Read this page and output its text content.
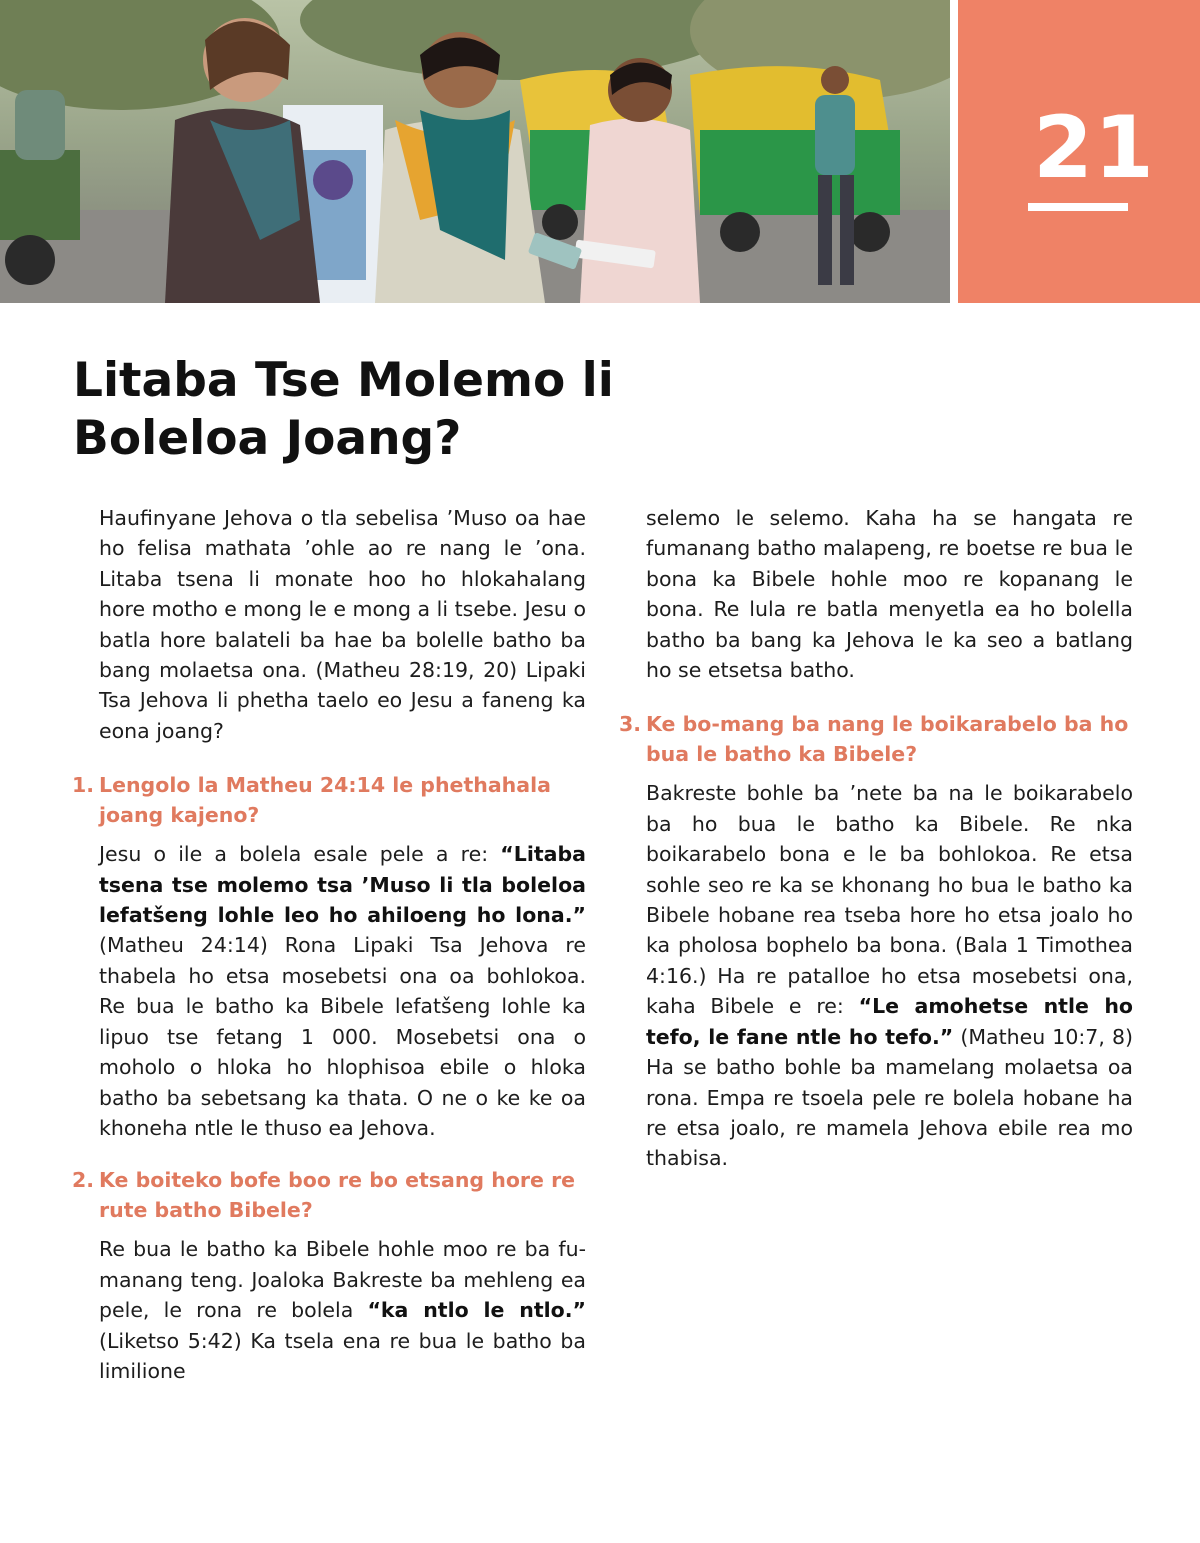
21
Litaba Tse Molemo li Boleloa Joang?

Haufinyane Jehova o tla sebelisa ’Muso oa hae ho felisa mathata ’ohle ao re nang le ’ona. Litaba tsena li monate hoo ho hlokahalang hore motho e mong le e mong a li tsebe. Jesu o batla hore balateli ba hae ba bolelle batho ba bang molaetsa ona. (Matheu 28:19, 20) Lipaki Tsa Jehova li phetha taelo eo Jesu a faneng ka eona joang?

1. Lengolo la Matheu 24:14 le phethahala joang kajeno?

Jesu o ile a bolela esale pele a re: “Litaba tsena tse molemo tsa ’Muso li tla boleloa lefatšeng lohle leo ho ahiloeng ho lona.” (Matheu 24:14) Rona Lipaki Tsa Jehova re thabela ho etsa mosebetsi ona oa bohlokoa. Re bua le batho ka Bibele lefatšeng lohle ka lipuo tse fetang 1 000. Mosebetsi ona o moholo o hloka ho hlophisoa ebile o hloka batho ba sebetsang ka thata. O ne o ke ke oa khoneha ntle le thuso ea Jehova.

2. Ke boiteko bofe boo re bo etsang hore re rute batho Bibele?

Re bua le batho ka Bibele hohle moo re ba fumanang teng. Joaloka Bakreste ba mehleng ea pele, le rona re bolela “ka ntlo le ntlo.” (Liketso 5:42) Ka tsela ena re bua le batho ba limilione

selemo le selemo. Kaha ha se hangata re fumanang batho malapeng, re boetse re bua le bona ka Bibele hohle moo re kopanang le bona. Re lula re batla menyetla ea ho bolella batho ba bang ka Jehova le ka seo a batlang ho se etsetsa batho.

3. Ke bo-mang ba nang le boikarabelo ba ho bua le batho ka Bibele?

Bakreste bohle ba ’nete ba na le boikarabelo ba ho bua le batho ka Bibele. Re nka boikarabelo bona e le ba bohlokoa. Re etsa sohle seo re ka se khonang ho bua le batho ka Bibele hobane rea tseba hore ho etsa joalo ho ka pholosa bophelo ba bona. (Bala 1 Timothea 4:16.) Ha re patalloe ho etsa mosebetsi ona, kaha Bibele e re: “Le amohetse ntle ho tefo, le fane ntle ho tefo.” (Matheu 10:7, 8) Ha se batho bohle ba mamelang molaetsa oa rona. Empa re tsoela pele re bolela hobane ha re etsa joalo, re mamela Jehova ebile rea mo thabisa.
